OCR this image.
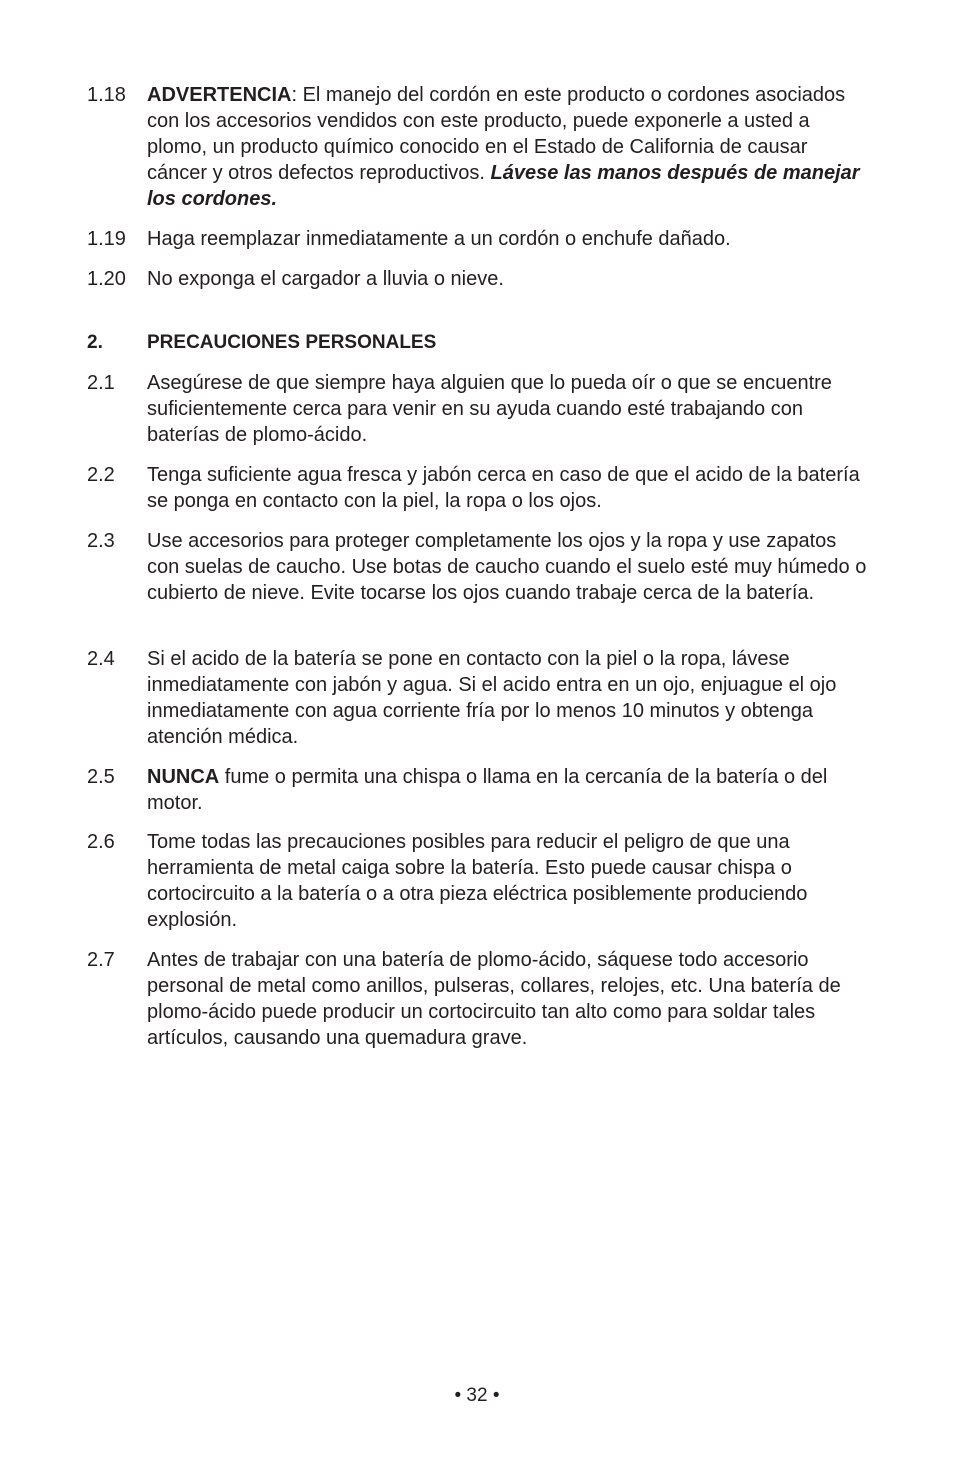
1.18 ADVERTENCIA: El manejo del cordón en este producto o cordones asociados con los accesorios vendidos con este producto, puede exponerle a usted a plomo, un producto químico conocido en el Estado de California de causar cáncer y otros defectos reproductivos. Lávese las manos después de manejar los cordones.
1.19 Haga reemplazar inmediatamente a un cordón o enchufe dañado.
1.20 No exponga el cargador a lluvia o nieve.
2. PRECAUCIONES PERSONALES
2.1 Asegúrese de que siempre haya alguien que lo pueda oír o que se encuentre suficientemente cerca para venir en su ayuda cuando esté trabajando con baterías de plomo-ácido.
2.2 Tenga suficiente agua fresca y jabón cerca en caso de que el acido de la batería se ponga en contacto con la piel, la ropa o los ojos.
2.3 Use accesorios para proteger completamente los ojos y la ropa y use zapatos con suelas de caucho. Use botas de caucho cuando el suelo esté muy húmedo o cubierto de nieve. Evite tocarse los ojos cuando trabaje cerca de la batería.
2.4 Si el acido de la batería se pone en contacto con la piel o la ropa, lávese inmediatamente con jabón y agua. Si el acido entra en un ojo, enjuague el ojo inmediatamente con agua corriente fría por lo menos 10 minutos y obtenga atención médica.
2.5 NUNCA fume o permita una chispa o llama en la cercanía de la batería o del motor.
2.6 Tome todas las precauciones posibles para reducir el peligro de que una herramienta de metal caiga sobre la batería. Esto puede causar chispa o cortocircuito a la batería o a otra pieza eléctrica posiblemente produciendo explosión.
2.7 Antes de trabajar con una batería de plomo-ácido, sáquese todo accesorio personal de metal como anillos, pulseras, collares, relojes, etc. Una batería de plomo-ácido puede producir un cortocircuito tan alto como para soldar tales artículos, causando una quemadura grave.
• 32 •
